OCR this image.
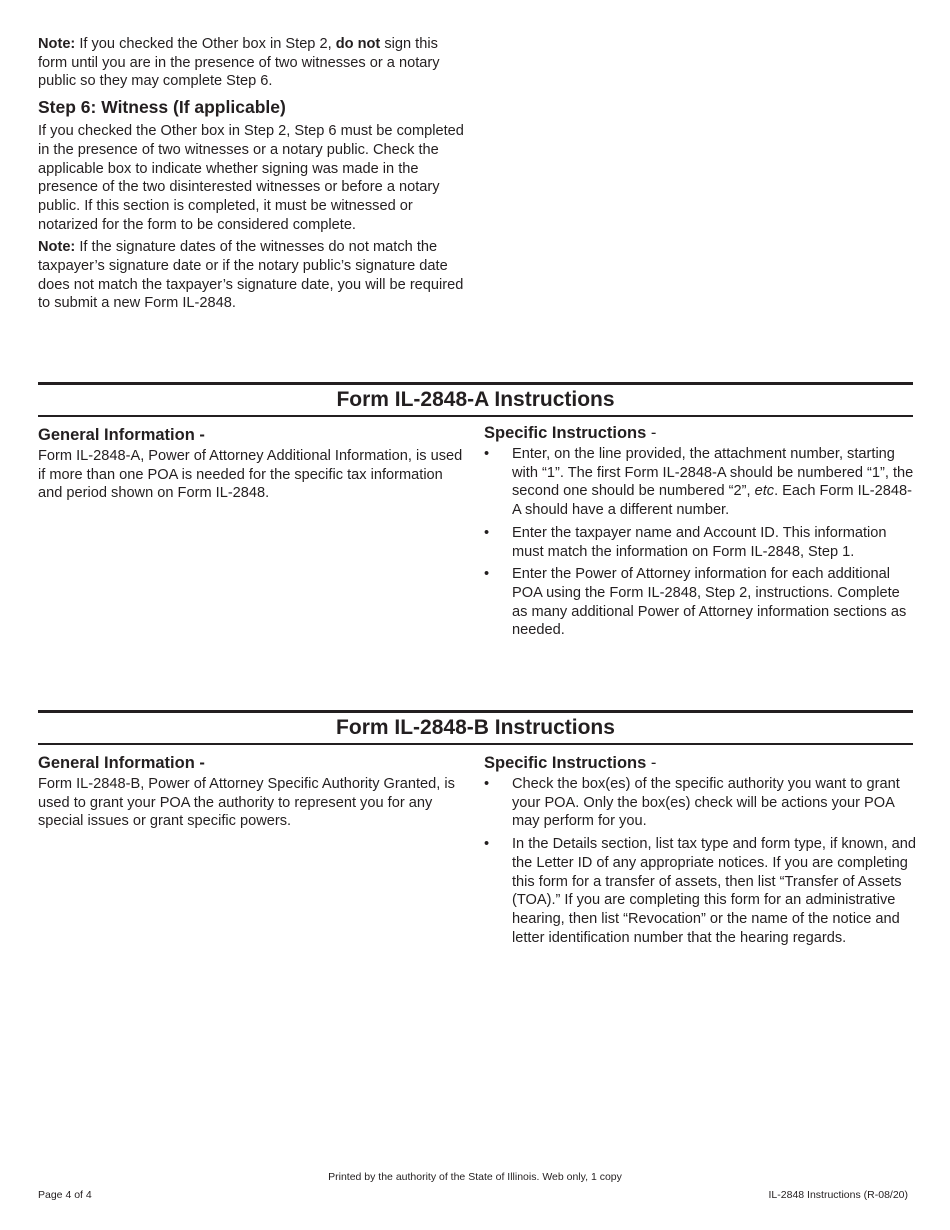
Note: If you checked the Other box in Step 2, do not sign this form until you are in the presence of two witnesses or a notary public so they may complete Step 6.

Step 6: Witness (If applicable)

If you checked the Other box in Step 2, Step 6 must be completed in the presence of two witnesses or a notary public. Check the applicable box to indicate whether signing was made in the presence of the two disinterested witnesses or before a notary public. If this section is completed, it must be witnessed or notarized for the form to be considered complete.

Note: If the signature dates of the witnesses do not match the taxpayer’s signature date or if the notary public’s signature date does not match the taxpayer’s signature date, you will be required to submit a new Form IL-2848.

Form IL-2848-A Instructions
General Information -

Form IL-2848-A, Power of Attorney Additional Information, is used if more than one POA is needed for the specific tax information and period shown on Form IL-2848.

Specific Instructions -
• Enter, on the line provided, the attachment number, starting with “1”. The first Form IL-2848-A should be numbered “1”, the second one should be numbered “2”, etc. Each Form IL-2848-A should have a different number.
• Enter the taxpayer name and Account ID. This information must match the information on Form IL-2848, Step 1.
• Enter the Power of Attorney information for each additional POA using the Form IL-2848, Step 2, instructions. Complete as many additional Power of Attorney information sections as needed.
Form IL-2848-B Instructions
General Information -

Form IL-2848-B, Power of Attorney Specific Authority Granted, is used to grant your POA the authority to represent you for any special issues or grant specific powers.

Specific Instructions -
• Check the box(es) of the specific authority you want to grant your POA. Only the box(es) check will be actions your POA may perform for you.
• In the Details section, list tax type and form type, if known, and the Letter ID of any appropriate notices. If you are completing this form for a transfer of assets, then list “Transfer of Assets (TOA).” If you are completing this form for an administrative hearing, then list “Revocation” or the name of the notice and letter identification number that the hearing regards.
Printed by the authority of the State of Illinois. Web only, 1 copy
Page 4 of 4	IL-2848 Instructions (R-08/20)
